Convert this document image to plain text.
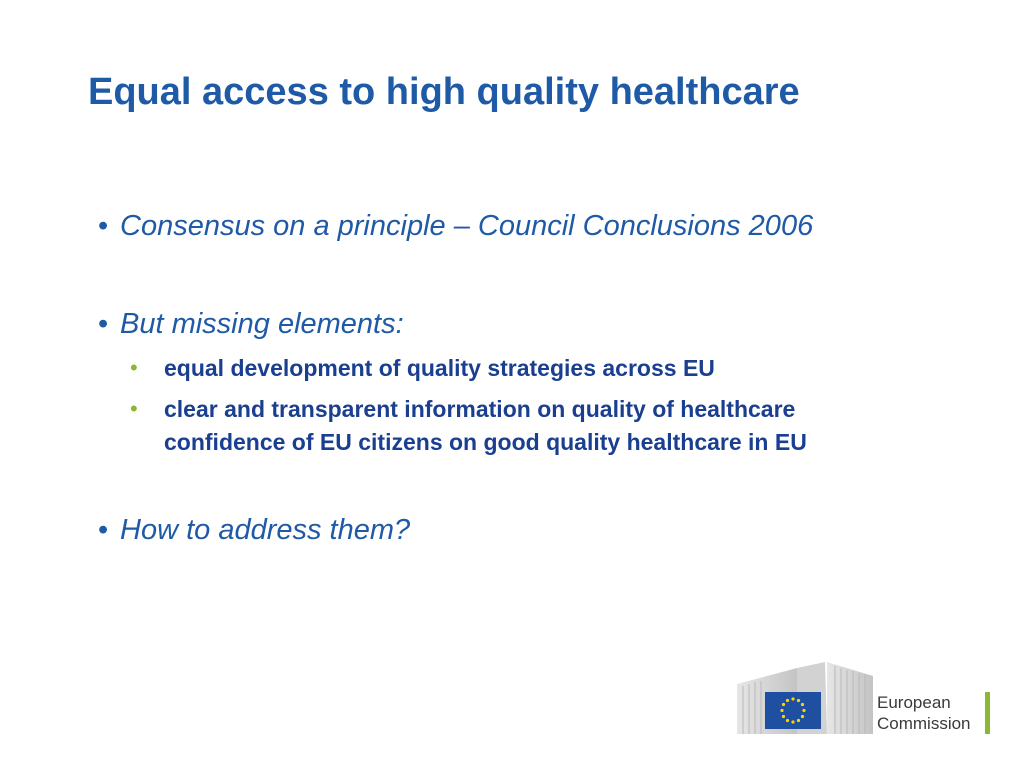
Equal access to high quality healthcare
• Consensus on a principle – Council Conclusions 2006
• But missing elements:
•	equal development of quality strategies across EU
•	clear and transparent information on quality of healthcare
confidence of EU citizens on good quality healthcare in EU
• How to address them?
European
Commission
